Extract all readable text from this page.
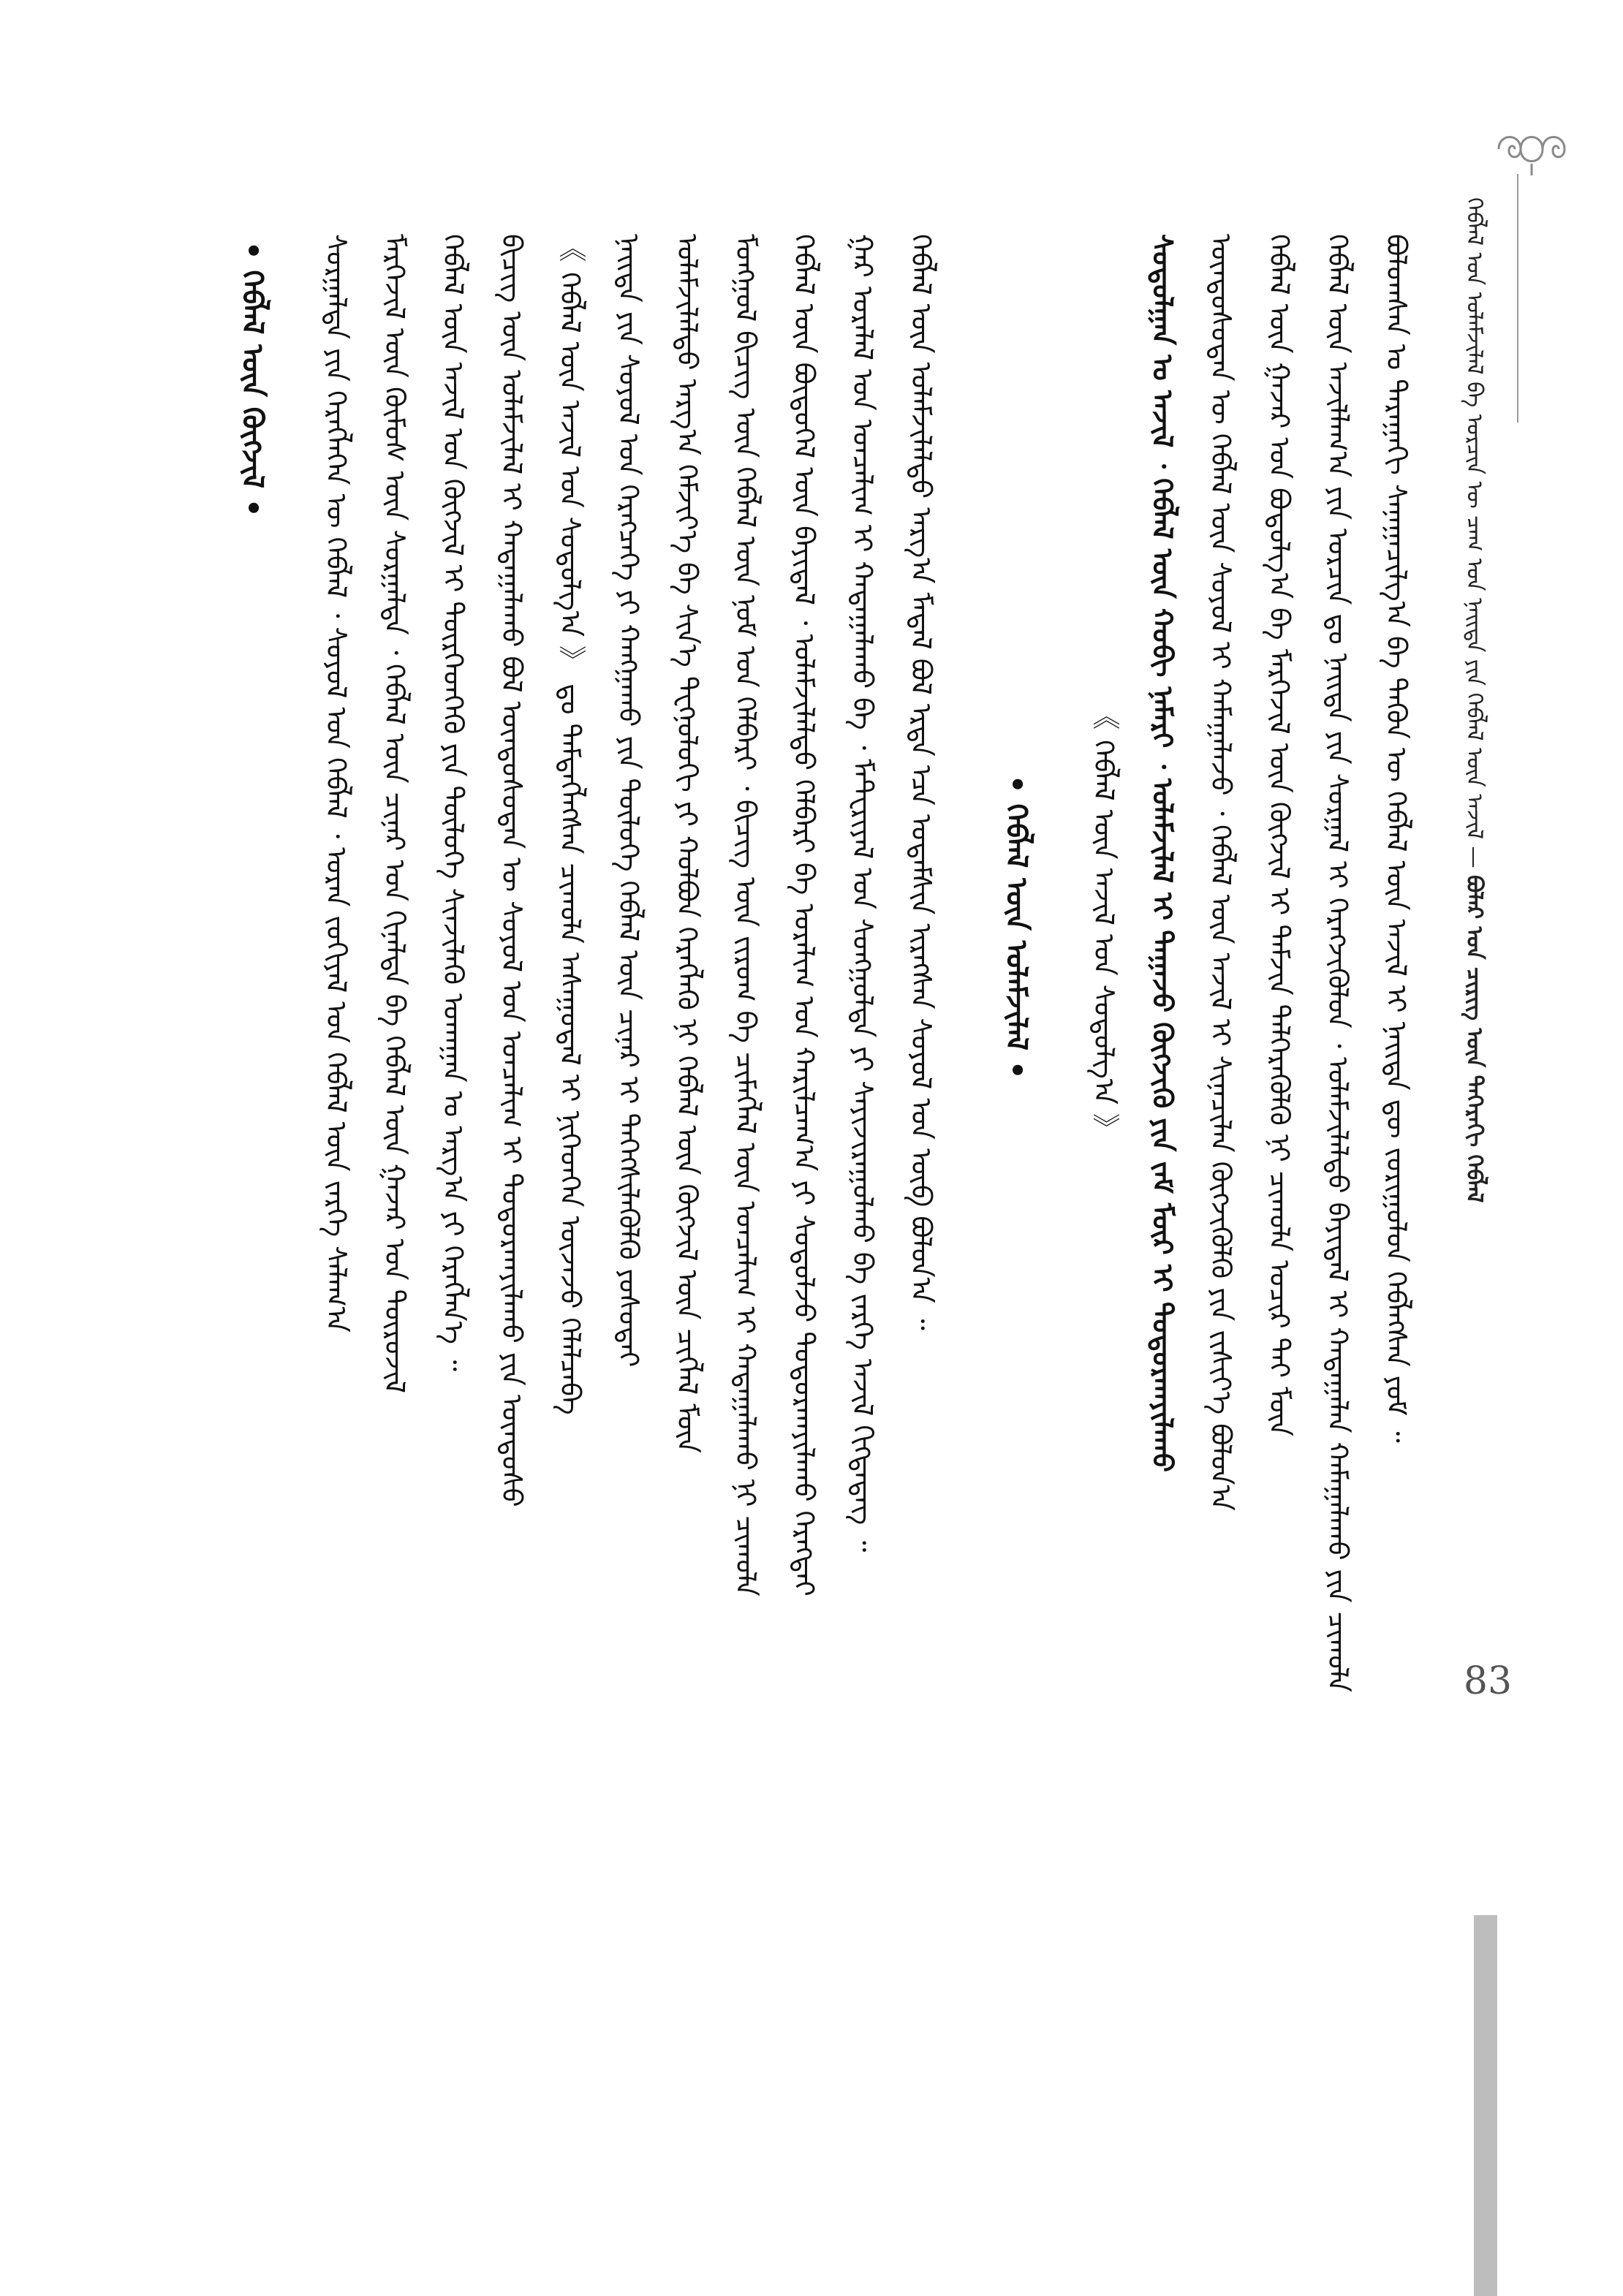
ᠬᠡᠪᠯᠡᠯ ᠤᠨ ᠤᠯᠠᠮᠵᠢᠯᠠᠯ ᠪᠠ ᠣᠷᠴᠢᠨ ᠦ ᠴᠠᠭ ᠤᠨ ᠨᠡᠢᠲᠡ ᠶᠢᠨ ᠬᠡᠪᠯᠡᠯ ᠦᠨ ᠠᠵᠢᠯ — ᠪᠣᠯᠠᠷ ᠤᠨ ᠴᠢᠷᠢᠭ ᠦᠨ ᠳᠡᠭᠡᠷᠡᠬᠢ ᠬᠡᠪᠯᠡᠯ
83
ᠪᠣᠯᠤᠭᠰᠠᠨ ᠤ ᠳᠠᠷᠠᠭᠠᠬᠢ ᠰᠠᠨᠠᠭᠠᠴᠢᠯᠭ᠎ᠠ ᠪᠠ ᠲᠡᠭᠦᠨ ᠦ ᠬᠡᠪᠯᠡᠯ ᠦᠨ ᠠᠵᠢᠯ ᠢ ᠨᠡᠢᠲᠡ ᠳᠦ ᠵᠣᠷᠢᠭᠤᠯᠤᠨ ᠬᠡᠪᠯᠡᠭᠰᠡᠨ ᠶᠤᠮ ᠃
ᠬᠡᠪᠯᠡᠯ ᠦᠨ ᠠᠵᠢᠯᠯᠠᠭ᠎ᠠ ᠶᠢᠨ ᠣᠷᠴᠢᠨ ᠳᠤ ᠨᠡᠢᠲᠡ ᠶᠢᠨ ᠰᠤᠷᠭᠠᠯ ᠢ ᠬᠡᠷᠡᠭᠵᠢᠭᠦᠯᠦᠨ ᠂ ᠤᠯᠠᠮᠵᠢᠯᠠᠯᠲᠤ ᠪᠠᠶᠢᠳᠠᠯ ᠢ ᠬᠠᠳᠠᠭᠠᠯᠠᠨ ᠬᠠᠮᠠᠭᠠᠯᠠᠬᠤ ᠶᠢᠨ ᠴᠢᠬᠤᠯᠠ
ᠬᠡᠪᠯᠡᠯ ᠦᠨ ᠭᠠᠵᠠᠷ ᠤᠨ ᠪᠣᠳᠣᠯᠭ᠎ᠠ ᠪᠠ ᠮᠡᠷᠭᠡᠵᠢᠯ ᠦᠨ ᠬᠥᠭᠵᠢᠯ ᠢ ᠳᠡᠮᠵᠢᠨ ᠳᠡᠯᠭᠡᠷᠡᠭᠦᠯᠬᠦ ᠨᠢ ᠴᠢᠬᠤᠯᠠ ᠤᠴᠢᠷ ᠲᠠᠢ ᠮᠥᠨ
ᠦᠨᠳᠦᠰᠦᠲᠡᠨ ᠦ ᠬᠡᠪᠯᠡᠯ ᠦᠨ ᠰᠣᠶᠣᠯ ᠢ ᠬᠠᠮᠠᠭᠠᠯᠠᠵᠤ ᠂ ᠬᠡᠪᠯᠡᠯ ᠦᠨ ᠠᠵᠢᠯ ᠢ ᠰᠢᠨᠡᠴᠢᠯᠡᠨ ᠬᠥᠭᠵᠢᠭᠦᠯᠬᠦ ᠶᠢᠨ ᠵᠢᠱᠢᠶ᠎ᠡ ᠪᠣᠯᠤᠨ᠎ᠠ
ᠰᠤᠳᠤᠯᠭᠠᠨ ᠤ ᠠᠵᠢᠯ ᠂ ᠬᠡᠪᠯᠡᠯ ᠦᠨ ᠬᠤᠪᠢ ᠨᠡᠮᠡᠷᠢ ᠂ ᠤᠯᠠᠮᠵᠢᠯᠠᠯ ᠢ ᠳᠠᠭᠠᠵᠤ ᠬᠥᠭᠵᠢᠬᠦ ᠶᠢᠨ ᠵᠠᠮ ᠮᠦᠷ ᠢ ᠲᠣᠳᠣᠷᠬᠠᠶᠢᠯᠠᠬᠤ
《 ᠬᠡᠪᠯᠡᠯ ᠦᠨ ᠠᠵᠢᠯ ᠤᠨ ᠰᠤᠳᠤᠯᠭ᠎ᠠ 》
• ᠬᠡᠪᠯᠡᠯ ᠦᠨ ᠤᠯᠠᠮᠵᠢᠯᠠᠯ •
ᠬᠡᠪᠯᠡᠯ ᠦᠨ ᠤᠯᠠᠮᠵᠢᠯᠠᠯᠲᠤ ᠠᠷᠭ᠎ᠠ ᠮᠠᠳᠠᠯ ᠪᠣᠯ ᠡᠷᠲᠡ ᠡᠴᠡ ᠤᠳᠠᠮᠰᠢᠨ ᠢᠷᠡᠭᠰᠡᠨ ᠰᠣᠶᠣᠯ ᠤᠨ ᠥᠪ ᠪᠣᠯᠤᠨ᠎ᠠ ᠃
ᠭᠠᠷ ᠤᠷᠠᠯᠠᠯ ᠤᠨ ᠣᠨᠴᠠᠯᠢᠭ ᠢ ᠬᠠᠳᠠᠭᠠᠯᠠᠬᠤ ᠪᠠ ᠂ ᠮᠠᠲᠸᠷᠢᠶᠠᠯ ᠤᠨ ᠰᠣᠩᠭᠣᠯᠲᠠ ᠶᠢ ᠰᠠᠶᠢᠵᠢᠷᠠᠭᠤᠯᠬᠤ ᠪᠠ ᠵᠡᠷᠭᠡ ᠠᠵᠢᠯ ᠬᠢᠭᠳᠡᠳᠡᠭ ᠃
ᠬᠡᠪᠯᠡᠯ ᠦᠨ ᠪᠦᠲᠦᠭᠡᠯ ᠦᠨ ᠪᠠᠶᠢᠳᠠᠯ ᠂ ᠤᠯᠠᠮᠵᠢᠯᠠᠯᠲᠤ ᠬᠡᠯᠪᠡᠷᠢ ᠪᠠ ᠤᠷᠠᠯᠢᠭ ᠤᠨ ᠬᠠᠷᠢᠯᠴᠠᠭ᠎ᠠ ᠶᠢ ᠰᠤᠳᠤᠯᠵᠤ ᠲᠣᠳᠣᠷᠬᠠᠶᠢᠯᠠᠬᠤ ᠬᠡᠷᠡᠭᠲᠡᠢ
ᠮᠣᠩᠭᠣᠯ ᠪᠢᠴᠢᠭ ᠦᠨ ᠬᠡᠪᠯᠡᠯ ᠦᠨ ᠨᠣᠮ ᠤᠨ ᠬᠡᠯᠪᠡᠷᠢ ᠂ ᠪᠢᠴᠢᠭ ᠦᠨ ᠵᠢᠷᠤᠭ ᠪᠠ ᠴᠢᠮᠡᠭᠯᠡᠯ ᠦᠨ ᠣᠨᠴᠠᠯᠢᠭ ᠢ ᠬᠠᠳᠠᠭᠠᠯᠠᠬᠤ ᠨᠢ ᠴᠢᠬᠤᠯᠠ
ᠤᠯᠠᠮᠵᠢᠯᠠᠯᠲᠤ ᠠᠷᠭ᠎ᠠ ᠬᠡᠮᠵᠢᠶ᠎ᠡ ᠪᠠ ᠰᠢᠨ᠎ᠡ ᠲᠧᠬᠨᠣᠯᠣᠭᠢ ᠶᠢ ᠬᠣᠯᠪᠣᠨ ᠬᠡᠷᠡᠭᠯᠡᠬᠦ ᠨᠢ ᠬᠡᠪᠯᠡᠯ ᠦᠨ ᠬᠥᠭᠵᠢᠯ ᠦᠨ ᠴᠢᠭᠯᠡᠯ ᠮᠥᠨ
ᠨᠡᠢᠲᠡ ᠶᠢᠨ ᠰᠣᠶᠣᠯ ᠤᠨ ᠬᠡᠷᠡᠭᠴᠡᠭᠡ ᠶᠢ ᠬᠠᠩᠭᠠᠬᠤ ᠶᠢᠨ ᠲᠥᠯᠥᠭᠡ ᠬᠡᠪᠯᠡᠯ ᠦᠨ ᠴᠢᠨᠠᠷ ᠢ ᠳᠡᠭᠡᠭᠰᠢᠯᠡᠭᠦᠯᠬᠦ ᠶᠤᠰᠣᠳᠠᠢ
《 ᠬᠡᠪᠯᠡᠯ ᠦᠨ ᠠᠵᠢᠯ ᠤᠨ ᠰᠤᠳᠤᠯᠭ᠎ᠠ 》 ᠳᠤ ᠲᠡᠮᠳᠡᠭᠯᠡᠭᠰᠡᠨ ᠴᠢᠬᠤᠯᠠ ᠠᠰᠠᠭᠤᠳᠠᠯ ᠢ ᠨᠢᠭᠡᠳᠭᠡᠨ ᠦᠵᠡᠵᠦ ᠬᠡᠯᠡᠯᠴᠡᠪᠡ
ᠪᠢᠴᠢᠭ ᠦᠨ ᠤᠯᠠᠮᠵᠢᠯᠠᠯ ᠢ ᠬᠠᠳᠠᠭᠠᠯᠠᠬᠤ ᠪᠣᠯ ᠦᠨᠳᠦᠰᠦᠲᠡᠨ ᠦ ᠰᠣᠶᠣᠯ ᠤᠨ ᠣᠨᠴᠠᠯᠢᠭ ᠢ ᠲᠣᠳᠣᠷᠬᠠᠶᠢᠯᠠᠬᠤ ᠶᠢᠨ ᠦᠨᠳᠦᠰᠦ
ᠬᠡᠪᠯᠡᠯ ᠦᠨ ᠠᠵᠢᠯ ᠤᠨ ᠬᠥᠭᠵᠢᠯ ᠢ ᠲᠦᠷᠭᠡᠳᠭᠡᠬᠦ ᠶᠢᠨ ᠲᠥᠯᠥᠭᠡ ᠰᠢᠨᠵᠢᠯᠡᠬᠦ ᠤᠬᠠᠭᠠᠨ ᠤ ᠠᠷᠭ᠎ᠠ ᠶᠢ ᠬᠡᠷᠡᠭᠯᠡᠨ᠎ᠡ ᠃
ᠮᠡᠷᠭᠡᠵᠢᠯ ᠦᠨ ᠬᠦᠮᠦᠰ ᠦᠨ ᠰᠤᠷᠭᠠᠯᠲᠠ ᠂ ᠬᠡᠪᠯᠡᠯ ᠦᠨ ᠴᠢᠨᠠᠷ ᠤᠨ ᠬᠢᠨᠠᠯᠲᠠ ᠪᠠ ᠬᠡᠪᠯᠡᠯ ᠦᠨ ᠭᠠᠵᠠᠷ ᠤᠨ ᠲᠥᠷᠥᠵᠢᠯ
ᠰᠤᠷᠭᠠᠯᠲᠠ ᠶᠢᠨ ᠬᠡᠷᠡᠭᠯᠡᠭᠡᠨ ᠦ ᠬᠡᠪᠯᠡᠯ ᠂ ᠰᠣᠶᠣᠯ ᠤᠨ ᠬᠡᠪᠯᠡᠯ ᠂ ᠤᠷᠠᠨ ᠵᠣᠬᠢᠶᠠᠯ ᠤᠨ ᠬᠡᠪᠯᠡᠯ ᠦᠨ ᠵᠡᠷᠭᠡ ᠰᠠᠯᠠᠭ᠎ᠠ
• ᠬᠡᠪᠯᠡᠯ ᠦᠨ ᠬᠥᠭᠵᠢᠯ •
